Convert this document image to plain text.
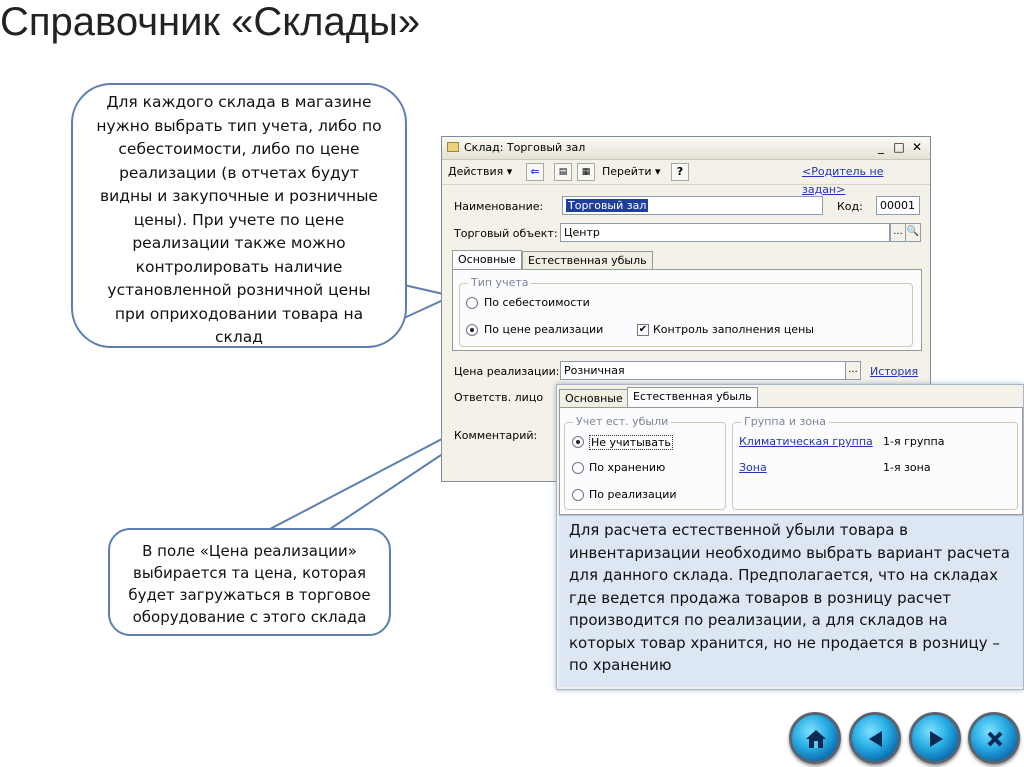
Справочник «Склады»
Для каждого склада в магазине нужно выбрать тип учета, либо по себестоимости, либо по цене реализации (в отчетах будут видны и закупочные и розничные цены). При учете по цене реализации также можно контролировать наличие установленной розничной цены при оприходовании товара на склад
Склад: Торговый зал	_ □ ✕
Действия ▾	⇐	▤	▦	Перейти ▾	?	<Родитель не задан>
Наименование:	Торговый зал	Код:	00001
Торговый объект: Центр	... 🔍
Основные	Естественная убыль
Тип учета
По себестоимости
По цене реализации	✔ Контроль заполнения цены
Цена реализации: Розничная	... История
Ответств. лицо
Комментарий:
Основные Естественная убыль
Учет ест. убыли
Не учитывать
По хранению
По реализации
Группа и зона
Климатическая группа 1-я группа
Зона	1-я зона
Для расчета естественной убыли товара в инвентаризации необходимо выбрать вариант расчета для данного склада. Предполагается, что на складах где ведется продажа товаров в розницу расчет производится по реализации, а для складов на которых товар хранится, но не продается в розницу – по хранению
В поле «Цена реализации» выбирается та цена, которая будет загружаться в торговое оборудование с этого склада
